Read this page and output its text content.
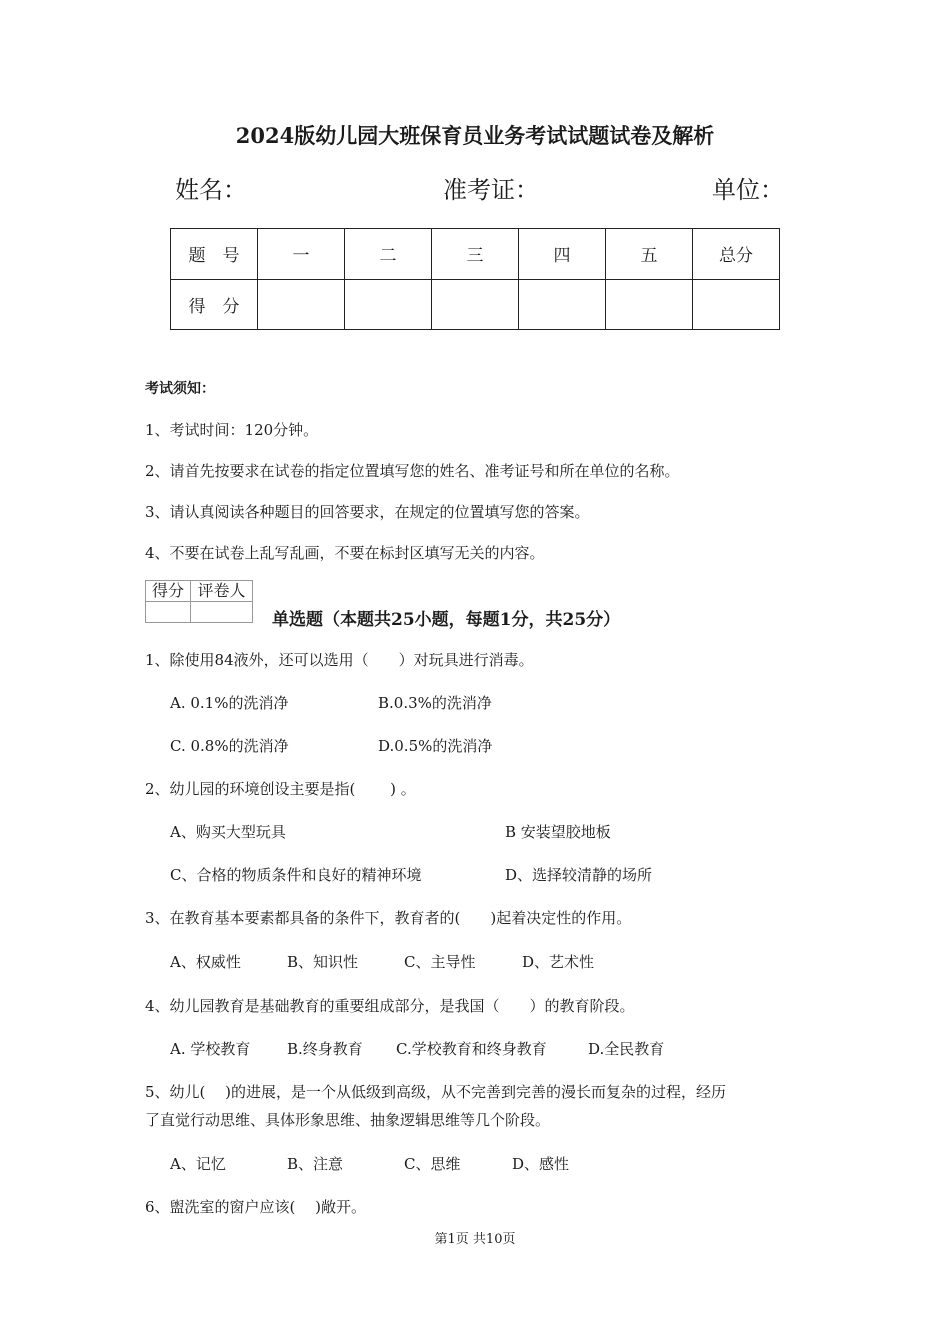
2024版幼儿园大班保育员业务考试试题试卷及解析
姓名：	准考证：	单位：
题　号	一	二	三	四	五	总分
得　分						
考试须知：
1、考试时间：120分钟。
2、请首先按要求在试卷的指定位置填写您的姓名、准考证号和所在单位的名称。
3、请认真阅读各种题目的回答要求，在规定的位置填写您的答案。
4、不要在试卷上乱写乱画，不要在标封区填写无关的内容。
得分	评卷人

单选题（本题共25小题，每题1分，共25分）
1、除使用84液外，还可以选用（　　）对玩具进行消毒。
A. 0.1%的洗消净	B.0.3%的洗消净
C. 0.8%的洗消净	D.0.5%的洗消净
2、幼儿园的环境创设主要是指(　　 ) 。
A、购买大型玩具	B 安装望胶地板
C、合格的物质条件和良好的精神环境	D、选择较清静的场所
3、在教育基本要素都具备的条件下，教育者的(　　)起着决定性的作用。
A、权威性	B、知识性	C、主导性	D、艺术性
4、幼儿园教育是基础教育的重要组成部分，是我国（　　）的教育阶段。
A. 学校教育 B.终身教育 C.学校教育和终身教育	D.全民教育
5、幼儿(　 )的进展，是一个从低级到高级，从不完善到完善的漫长而复杂的过程，经历
了直觉行动思维、具体形象思维、抽象逻辑思维等几个阶段。
A、记忆	B、注意	C、思维	D、感性
6、盥洗室的窗户应该(　 )敞开。
第1页 共10页
